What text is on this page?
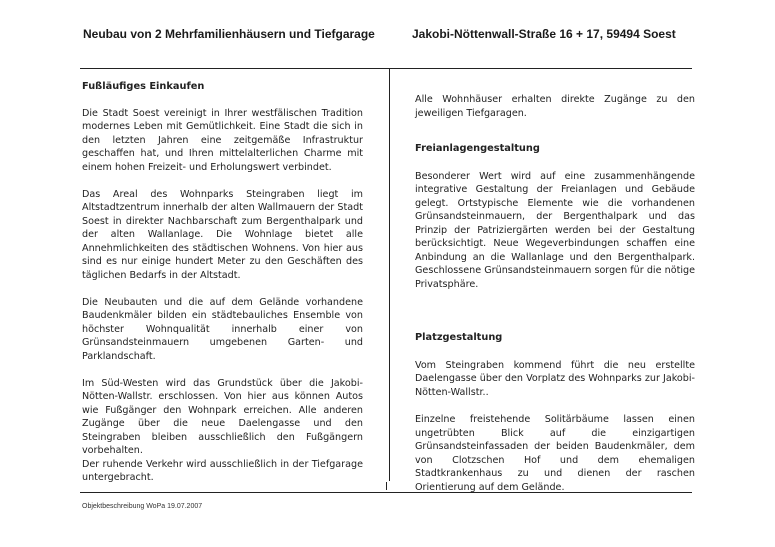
Neubau von 2 Mehrfamilienhäusern und Tiefgarage	Jakobi-Nöttenwall-Straße 16 + 17, 59494 Soest
Fußläufiges Einkaufen

Die Stadt Soest vereinigt in Ihrer westfälischen Tradition modernes Leben mit Gemütlichkeit. Eine Stadt die sich in den letzten Jahren eine zeitgemäße Infrastruktur geschaffen hat, und Ihren mittelalterlichen Charme mit einem hohen Freizeit- und Erholungswert verbindet.

Das Areal des Wohnparks Steingraben liegt im Altstadtzentrum innerhalb der alten Wallmauern der Stadt Soest in direkter Nachbarschaft zum Bergenthalpark und der alten Wallanlage. Die Wohnlage bietet alle Annehmlichkeiten des städtischen Wohnens. Von hier aus sind es nur einige hundert Meter zu den Geschäften des täglichen Bedarfs in der Altstadt.

Die Neubauten und die auf dem Gelände vorhandene Baudenkmäler bilden ein städtebauliches Ensemble von höchster Wohnqualität innerhalb einer von Grünsandsteinmauern umgebenen Garten- und Parklandschaft.

Im Süd-Westen wird das Grundstück über die Jakobi-Nötten-Wallstr. erschlossen. Von hier aus können Autos wie Fußgänger den Wohnpark erreichen. Alle anderen Zugänge über die neue Daelengasse und den Steingraben bleiben ausschließlich den Fußgängern vorbehalten.

Der ruhende Verkehr wird ausschließlich in der Tiefgarage untergebracht.

Alle Wohnhäuser erhalten direkte Zugänge zu den jeweiligen Tiefgaragen.

Freianlagengestaltung

Besonderer Wert wird auf eine zusammenhängende integrative Gestaltung der Freianlagen und Gebäude gelegt. Ortstypische Elemente wie die vorhandenen Grünsandsteinmauern, der Bergenthalpark und das Prinzip der Patriziergärten werden bei der Gestaltung berücksichtigt. Neue Wegeverbindungen schaffen eine Anbindung an die Wallanlage und den Bergenthalpark. Geschlossene Grünsandsteinmauern sorgen für die nötige Privatsphäre.

Platzgestaltung

Vom Steingraben kommend führt die neu erstellte Daelengasse über den Vorplatz des Wohnparks zur Jakobi-Nötten-Wallstr..

Einzelne freistehende Solitärbäume lassen einen ungetrübten Blick auf die einzigartigen Grünsandsteinfassaden der beiden Baudenkmäler, dem von Clotzschen Hof und dem ehemaligen Stadtkrankenhaus zu und dienen der raschen Orientierung auf dem Gelände.

Objektbeschreibung WoPa 19.07.2007
